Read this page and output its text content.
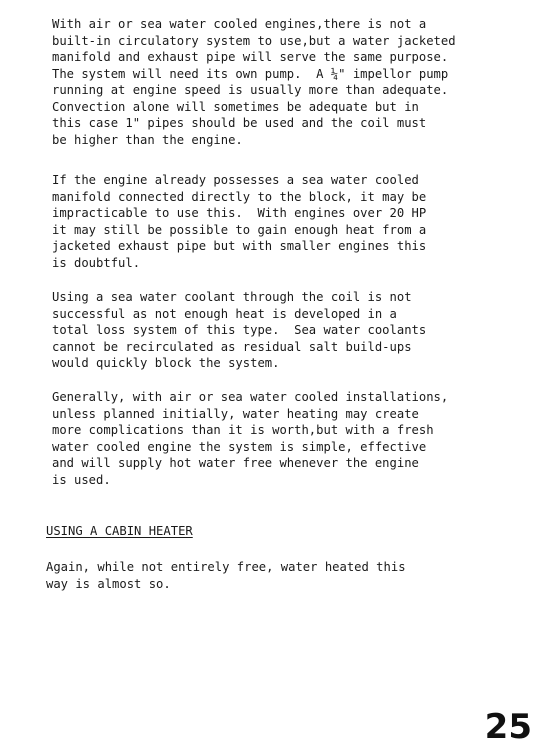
With air or sea water cooled engines,there is not a
built-in circulatory system to use,but a water jacketed
manifold and exhaust pipe will serve the same purpose.
The system will need its own pump.  A ¼" impellor pump
running at engine speed is usually more than adequate.
Convection alone will sometimes be adequate but in
this case 1" pipes should be used and the coil must
be higher than the engine.

If the engine already possesses a sea water cooled
manifold connected directly to the block, it may be
impracticable to use this.  With engines over 20 HP
it may still be possible to gain enough heat from a
jacketed exhaust pipe but with smaller engines this
is doubtful.

Using a sea water coolant through the coil is not
successful as not enough heat is developed in a
total loss system of this type.  Sea water coolants
cannot be recirculated as residual salt build-ups
would quickly block the system.

Generally, with air or sea water cooled installations,
unless planned initially, water heating may create
more complications than it is worth,but with a fresh
water cooled engine the system is simple, effective
and will supply hot water free whenever the engine
is used.

USING A CABIN HEATER

Again, while not entirely free, water heated this
way is almost so.

25
